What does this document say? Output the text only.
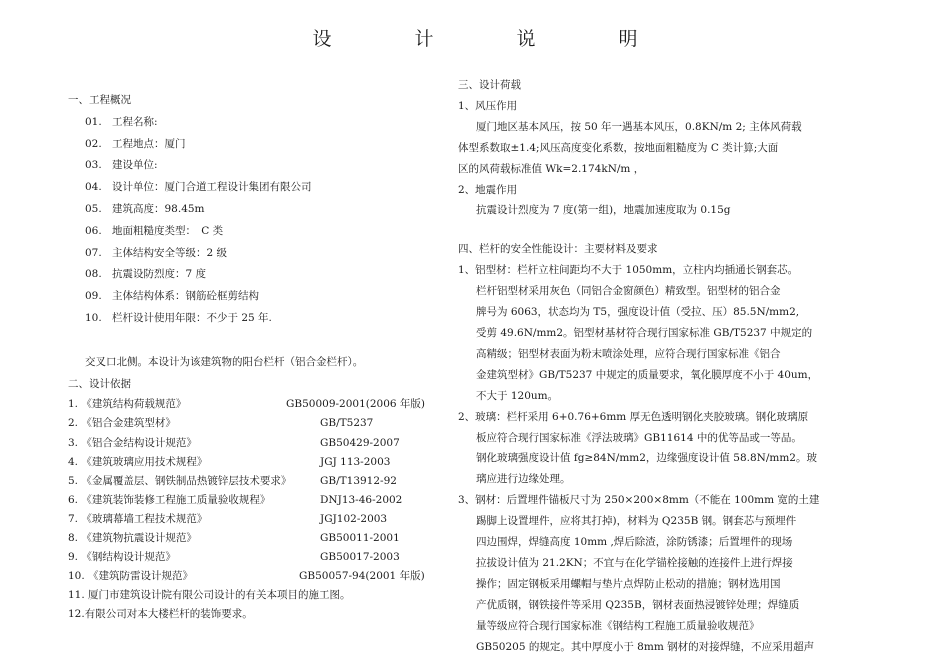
设　计　说　明
一、工程概况
01. 工程名称:
02. 工程地点：厦门
03. 建设单位:
04. 设计单位：厦门合道工程设计集团有限公司
05. 建筑高度：98.45m
06. 地面粗糙度类型：　C 类
07. 主体结构安全等级：2 级
08. 抗震设防烈度：7 度
09. 主体结构体系：钢筋砼框剪结构
10. 栏杆设计使用年限：不少于 25 年.
交叉口北侧。本设计为该建筑物的阳台栏杆（铝合金栏杆）。
二、设计依据
1. 《建筑结构荷载规范》	GB50009-2001(2006 年版)
2. 《铝合金建筑型材》	GB/T5237
3. 《铝合金结构设计规范》	GB50429-2007
4. 《建筑玻璃应用技术规程》	JGJ 113-2003
5. 《金属覆盖层、钢铁制品热镀锌层技术要求》	GB/T13912-92
6. 《建筑装饰装修工程施工质量验收规程》	DNJ13-46-2002
7. 《玻璃幕墙工程技术规范》	JGJ102-2003
8. 《建筑物抗震设计规范》	GB50011-2001
9. 《钢结构设计规范》	GB50017-2003
10. 《建筑防雷设计规范》	GB50057-94(2001 年版)
11. 厦门市建筑设计院有限公司设计的有关本项目的施工图。
12.有限公司对本大楼栏杆的装饰要求。
三、设计荷载
1、风压作用
厦门地区基本风压，按 50 年一遇基本风压，0.8KN/m 2; 主体风荷载
体型系数取±1.4;风压高度变化系数，按地面粗糙度为 C 类计算;大面
区的风荷载标准值 Wk=2.174kN/m ，
2、地震作用
抗震设计烈度为 7 度(第一组)，地震加速度取为 0.15g
四、栏杆的安全性能设计：主要材料及要求
1、铝型材：栏杆立柱间距均不大于 1050mm，立柱内均插通长钢套芯。
栏杆铝型材采用灰色（同铝合金窗颜色）精致型。铝型材的铝合金
牌号为 6063，状态均为 T5，强度设计值（受拉、压）85.5N/mm2,
受剪 49.6N/mm2。铝型材基材符合现行国家标准 GB/T5237 中规定的
高精级；铝型材表面为粉末喷涂处理，应符合现行国家标准《铝合
金建筑型材》GB/T5237 中规定的质量要求，氧化膜厚度不小于 40um，
不大于 120um。
2、玻璃：栏杆采用 6+0.76+6mm 厚无色透明钢化夹胶玻璃。钢化玻璃原
板应符合现行国家标准《浮法玻璃》GB11614 中的优等品或一等品。
钢化玻璃强度设计值 fg≥84N/mm2，边缘强度设计值 58.8N/mm2。玻
璃应进行边缘处理。
3、钢材：后置埋件锚板尺寸为 250×200×8mm（不能在 100mm 宽的土建
踢脚上设置埋件，应将其打掉)，材料为 Q235B 钢。钢套芯与预埋件
四边围焊，焊缝高度 10mm ,焊后除渣，涂防锈漆；后置埋件的现场
拉拔设计值为 21.2KN；不宜与在化学锚栓接触的连接件上进行焊接
操作；固定钢板采用螺帽与垫片点焊防止松动的措施；钢材选用国
产优质钢，钢铁接件等采用 Q235B，钢材表面热浸镀锌处理；焊缝质
量等级应符合现行国家标准《钢结构工程施工质量验收规范》
GB50205 的规定。其中厚度小于 8mm 钢材的对接焊缝，不应采用超声
